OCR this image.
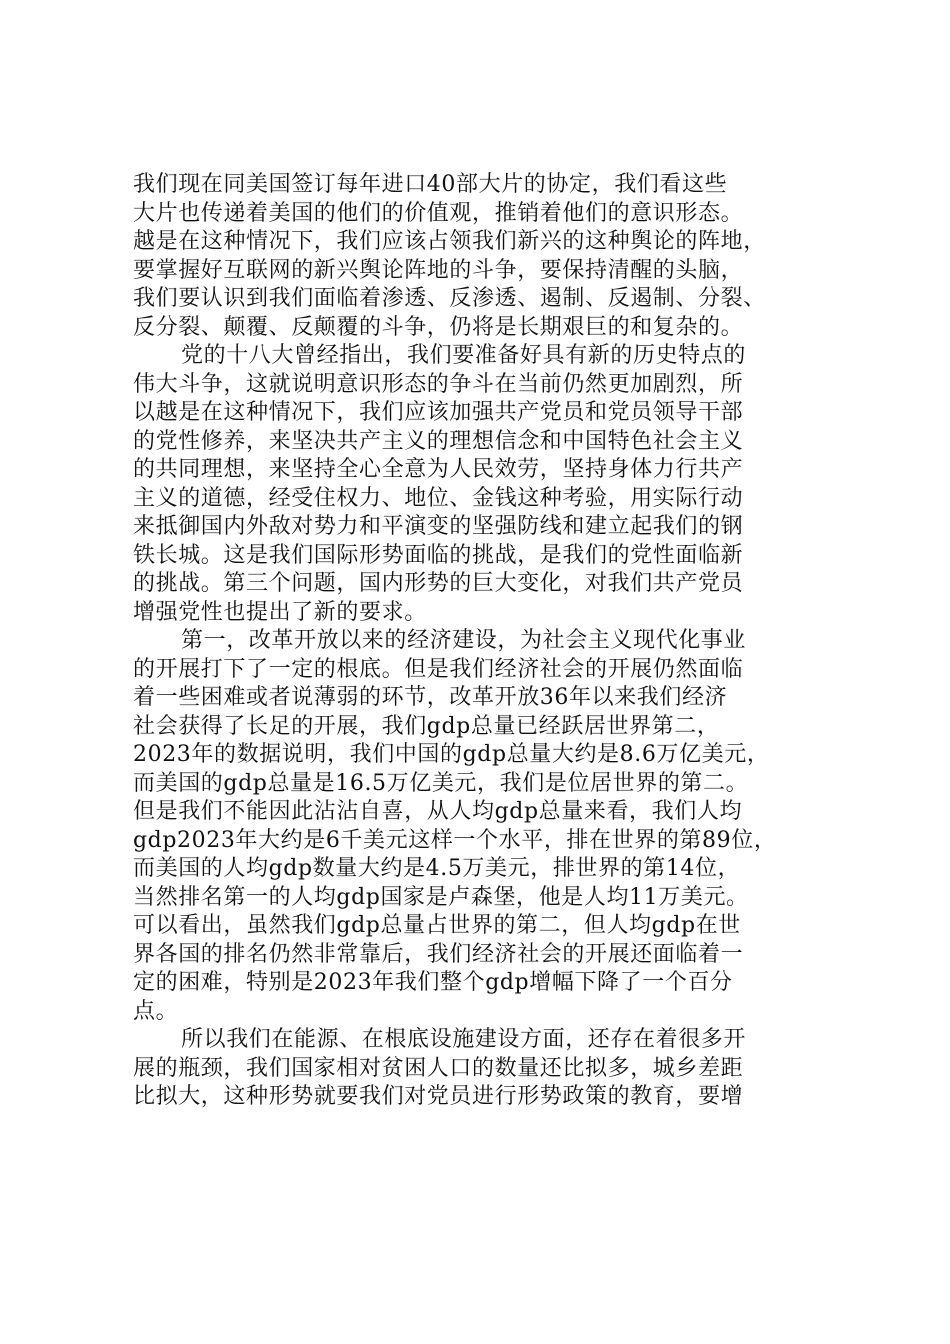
我们现在同美国签订每年进口40部大片的协定，我们看这些
大片也传递着美国的他们的价值观，推销着他们的意识形态。
越是在这种情况下，我们应该占领我们新兴的这种舆论的阵地，
要掌握好互联网的新兴舆论阵地的斗争，要保持清醒的头脑，
我们要认识到我们面临着渗透、反渗透、遏制、反遏制、分裂、
反分裂、颠覆、反颠覆的斗争，仍将是长期艰巨的和复杂的。
党的十八大曾经指出，我们要准备好具有新的历史特点的
伟大斗争，这就说明意识形态的争斗在当前仍然更加剧烈，所
以越是在这种情况下，我们应该加强共产党员和党员领导干部
的党性修养，来坚决共产主义的理想信念和中国特色社会主义
的共同理想，来坚持全心全意为人民效劳，坚持身体力行共产
主义的道德，经受住权力、地位、金钱这种考验，用实际行动
来抵御国内外敌对势力和平演变的坚强防线和建立起我们的钢
铁长城。这是我们国际形势面临的挑战，是我们的党性面临新
的挑战。第三个问题，国内形势的巨大变化，对我们共产党员
增强党性也提出了新的要求。
第一，改革开放以来的经济建设，为社会主义现代化事业
的开展打下了一定的根底。但是我们经济社会的开展仍然面临
着一些困难或者说薄弱的环节，改革开放36年以来我们经济
社会获得了长足的开展，我们gdp总量已经跃居世界第二，
2023年的数据说明，我们中国的gdp总量大约是8.6万亿美元，
而美国的gdp总量是16.5万亿美元，我们是位居世界的第二。
但是我们不能因此沾沾自喜，从人均gdp总量来看，我们人均
gdp2023年大约是6千美元这样一个水平，排在世界的第89位，
而美国的人均gdp数量大约是4.5万美元，排世界的第14位，
当然排名第一的人均gdp国家是卢森堡，他是人均11万美元。
可以看出，虽然我们gdp总量占世界的第二，但人均gdp在世
界各国的排名仍然非常靠后，我们经济社会的开展还面临着一
定的困难，特别是2023年我们整个gdp增幅下降了一个百分
点。
所以我们在能源、在根底设施建设方面，还存在着很多开
展的瓶颈，我们国家相对贫困人口的数量还比拟多，城乡差距
比拟大，这种形势就要我们对党员进行形势政策的教育，要增
